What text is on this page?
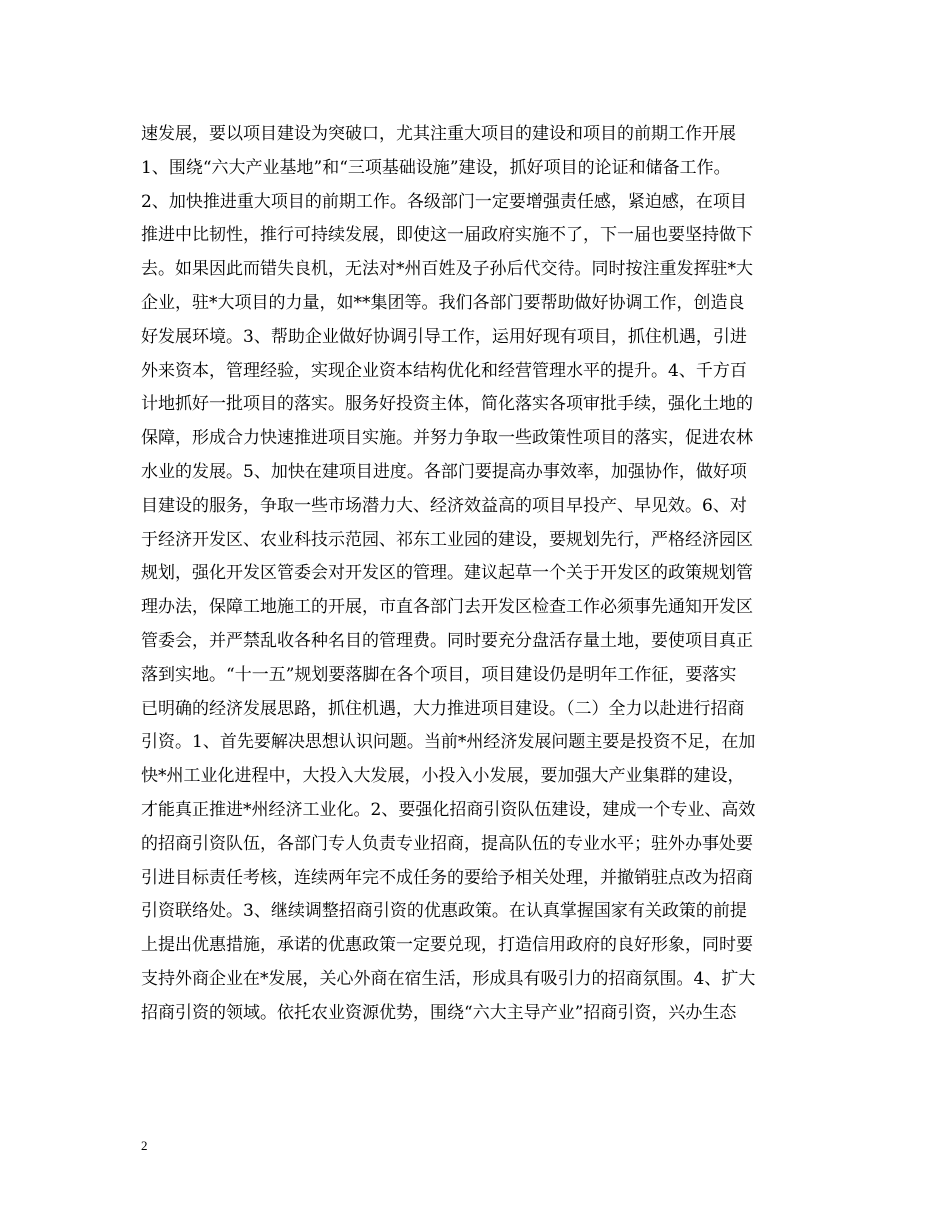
速发展，要以项目建设为突破口，尤其注重大项目的建设和项目的前期工作开展
1、围绕“六大产业基地”和“三项基础设施”建设，抓好项目的论证和储备工作。
2、加快推进重大项目的前期工作。各级部门一定要增强责任感，紧迫感，在项目
推进中比韧性，推行可持续发展，即使这一届政府实施不了，下一届也要坚持做下
去。如果因此而错失良机，无法对*州百姓及子孙后代交待。同时按注重发挥驻*大
企业，驻*大项目的力量，如**集团等。我们各部门要帮助做好协调工作，创造良
好发展环境。3、帮助企业做好协调引导工作，运用好现有项目，抓住机遇，引进
外来资本，管理经验，实现企业资本结构优化和经营管理水平的提升。4、千方百
计地抓好一批项目的落实。服务好投资主体，简化落实各项审批手续，强化土地的
保障，形成合力快速推进项目实施。并努力争取一些政策性项目的落实，促进农林
水业的发展。5、加快在建项目进度。各部门要提高办事效率，加强协作，做好项
目建设的服务，争取一些市场潜力大、经济效益高的项目早投产、早见效。6、对
于经济开发区、农业科技示范园、祁东工业园的建设，要规划先行，严格经济园区
规划，强化开发区管委会对开发区的管理。建议起草一个关于开发区的政策规划管
理办法，保障工地施工的开展，市直各部门去开发区检查工作必须事先通知开发区
管委会，并严禁乱收各种名目的管理费。同时要充分盘活存量土地，要使项目真正
落到实地。“十一五”规划要落脚在各个项目，项目建设仍是明年工作征，要落实
已明确的经济发展思路，抓住机遇，大力推进项目建设。（二）全力以赴进行招商
引资。1、首先要解决思想认识问题。当前*州经济发展问题主要是投资不足，在加
快*州工业化进程中，大投入大发展，小投入小发展，要加强大产业集群的建设，
才能真正推进*州经济工业化。2、要强化招商引资队伍建设，建成一个专业、高效
的招商引资队伍，各部门专人负责专业招商，提高队伍的专业水平；驻外办事处要
引进目标责任考核，连续两年完不成任务的要给予相关处理，并撤销驻点改为招商
引资联络处。3、继续调整招商引资的优惠政策。在认真掌握国家有关政策的前提
上提出优惠措施，承诺的优惠政策一定要兑现，打造信用政府的良好形象，同时要
支持外商企业在*发展，关心外商在宿生活，形成具有吸引力的招商氛围。4、扩大
招商引资的领域。依托农业资源优势，围绕“六大主导产业”招商引资，兴办生态
2
